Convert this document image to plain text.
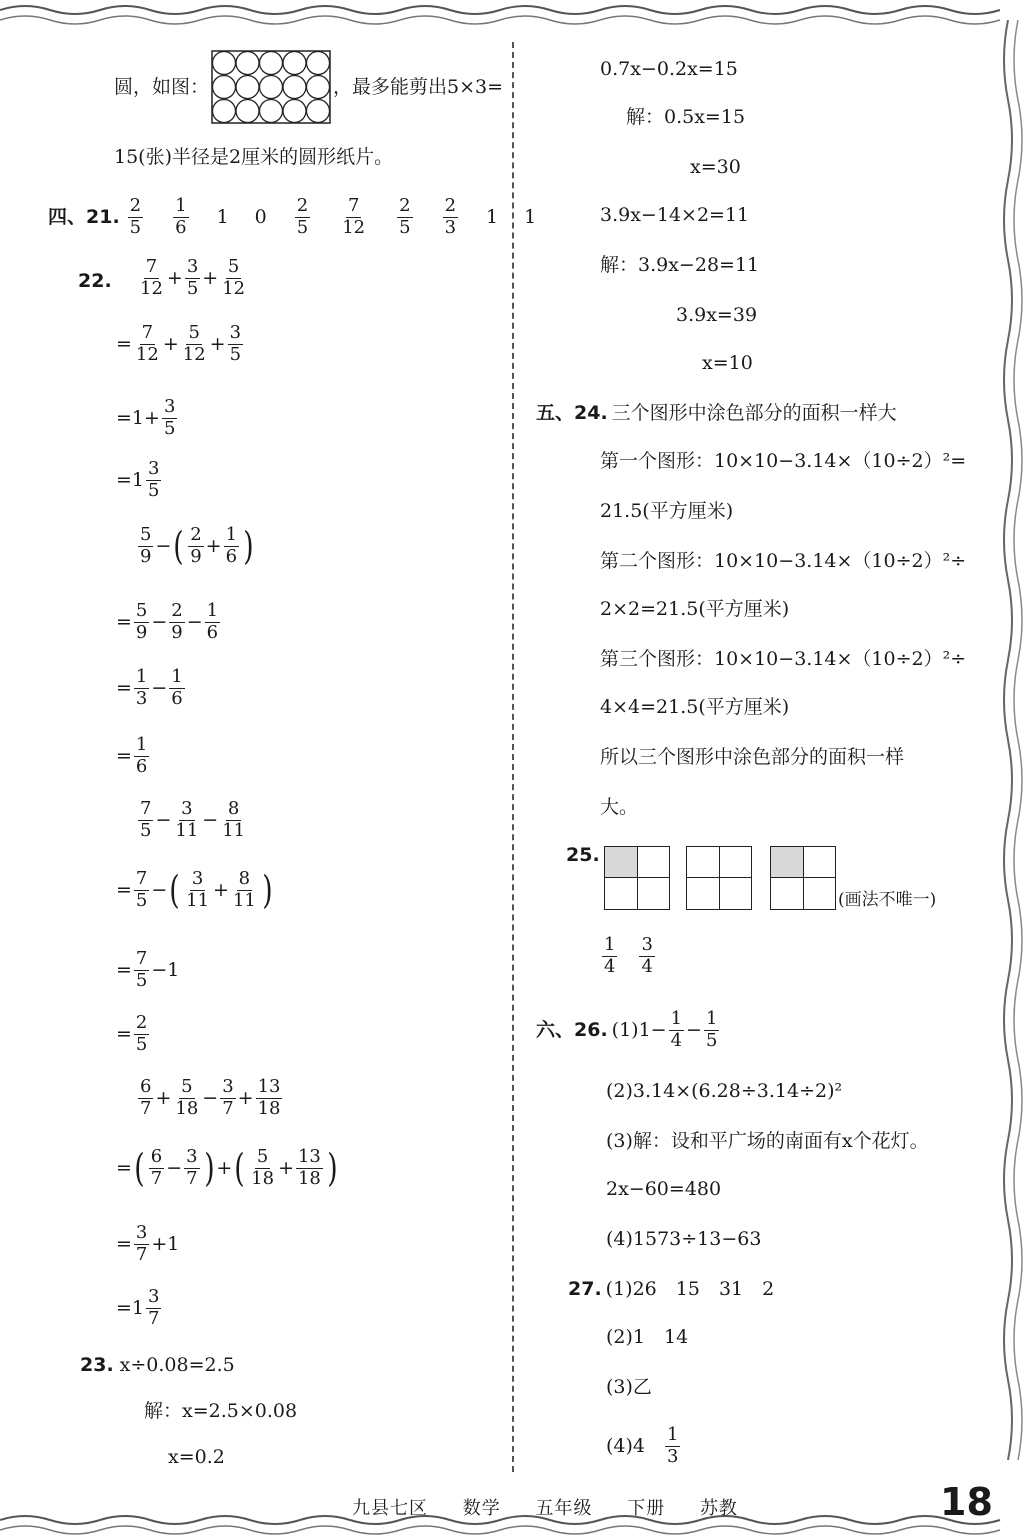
圆，如图：	，最多能剪出5×3=
15(张)半径是2厘米的圆形纸片。
四、21.
2
5
1
6 1 0
2
5
7
12
2
5
2
3 1 1
22.
7
12 +
3
5 +
5
12
=
7
12 +
5
12 +
3
5
=1+
3
5
=1
3
5
5
9 − ( 2
9 +
1
6 )
=
5
9 −
2
9 −
1
6
=
1
3 −
1
6
=
1
6
7
5 −
3
11 −
8
11
=
7
5 − ( 3
11 +
8
11 )
=
7
5 −1
=
2
5
6
7 +
5
18 −
3
7 +
13
18
= ( 6
7 −
3
7 ) + ( 5
18 +
13
18 )
=
3
7 +1
=1
3
7
23. x÷0.08=2.5
解：x=2.5×0.08
x=0.2
0.7x−0.2x=15
解：0.5x=15
x=30
3.9x−14×2=11
解：3.9x−28=11
3.9x=39
x=10
五、24. 三个图形中涂色部分的面积一样大
第一个图形：10×10−3.14×（10÷2）²=
21.5(平方厘米)
第二个图形：10×10−3.14×（10÷2）²÷
2×2=21.5(平方厘米)
第三个图形：10×10−3.14×（10÷2）²÷
4×4=21.5(平方厘米)
所以三个图形中涂色部分的面积一样
大。
25.
(画法不唯一)
1
4
3
4
六、26. $(1)1- \frac{1}{4}$ −
1
5
(2)3.14×(6.28÷3.14÷2)²
(3)解：设和平广场的南面有x个花灯。
2x−60=480
(4)1573÷13−63
27. (1)26　15　31　2
(2)1　14
(3)乙
(4)4
1
3
九县七区 数学 五年级 下册 苏教	18
